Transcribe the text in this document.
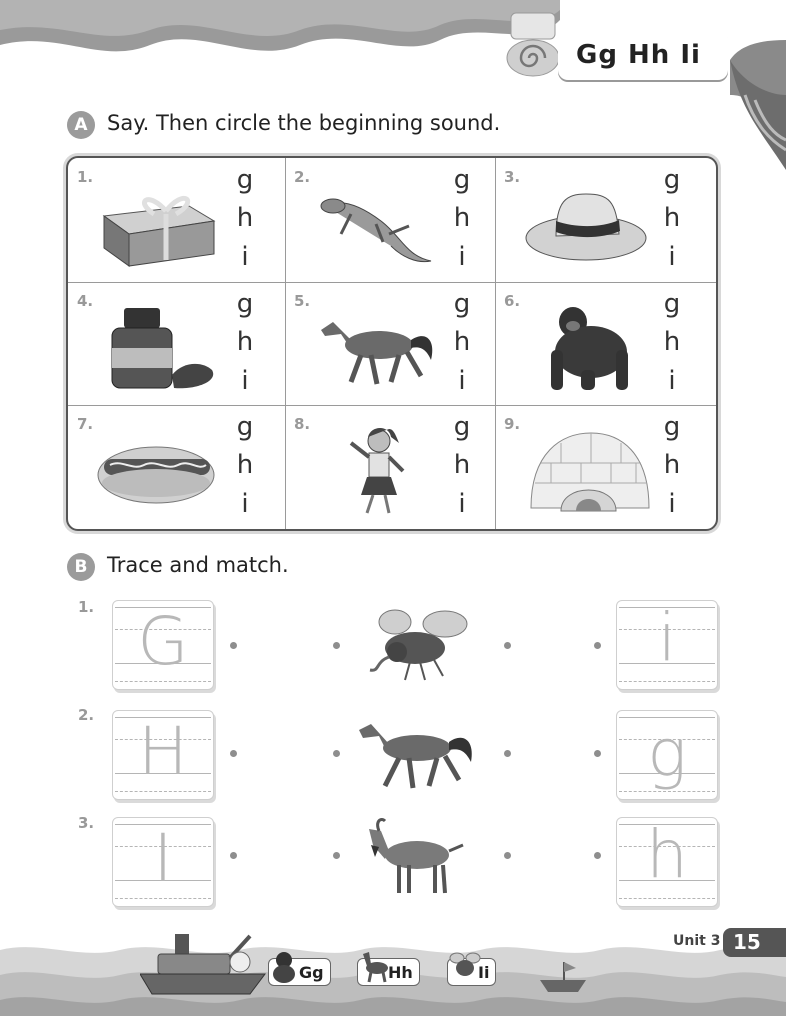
Gg Hh Ii
A Say. Then circle the beginning sound.
1.	g
h
i
2.	g
h
i
3.	g
h
i
4.	g
h
i
5.	g
h
i
6.	g
h
i
7.	g
h
i
8.	g
h
i
9.	g
h
i
B Trace and match.
1. G	i
2. H	g
3. I	h
Gg	Hh	Ii
Unit 3 15
